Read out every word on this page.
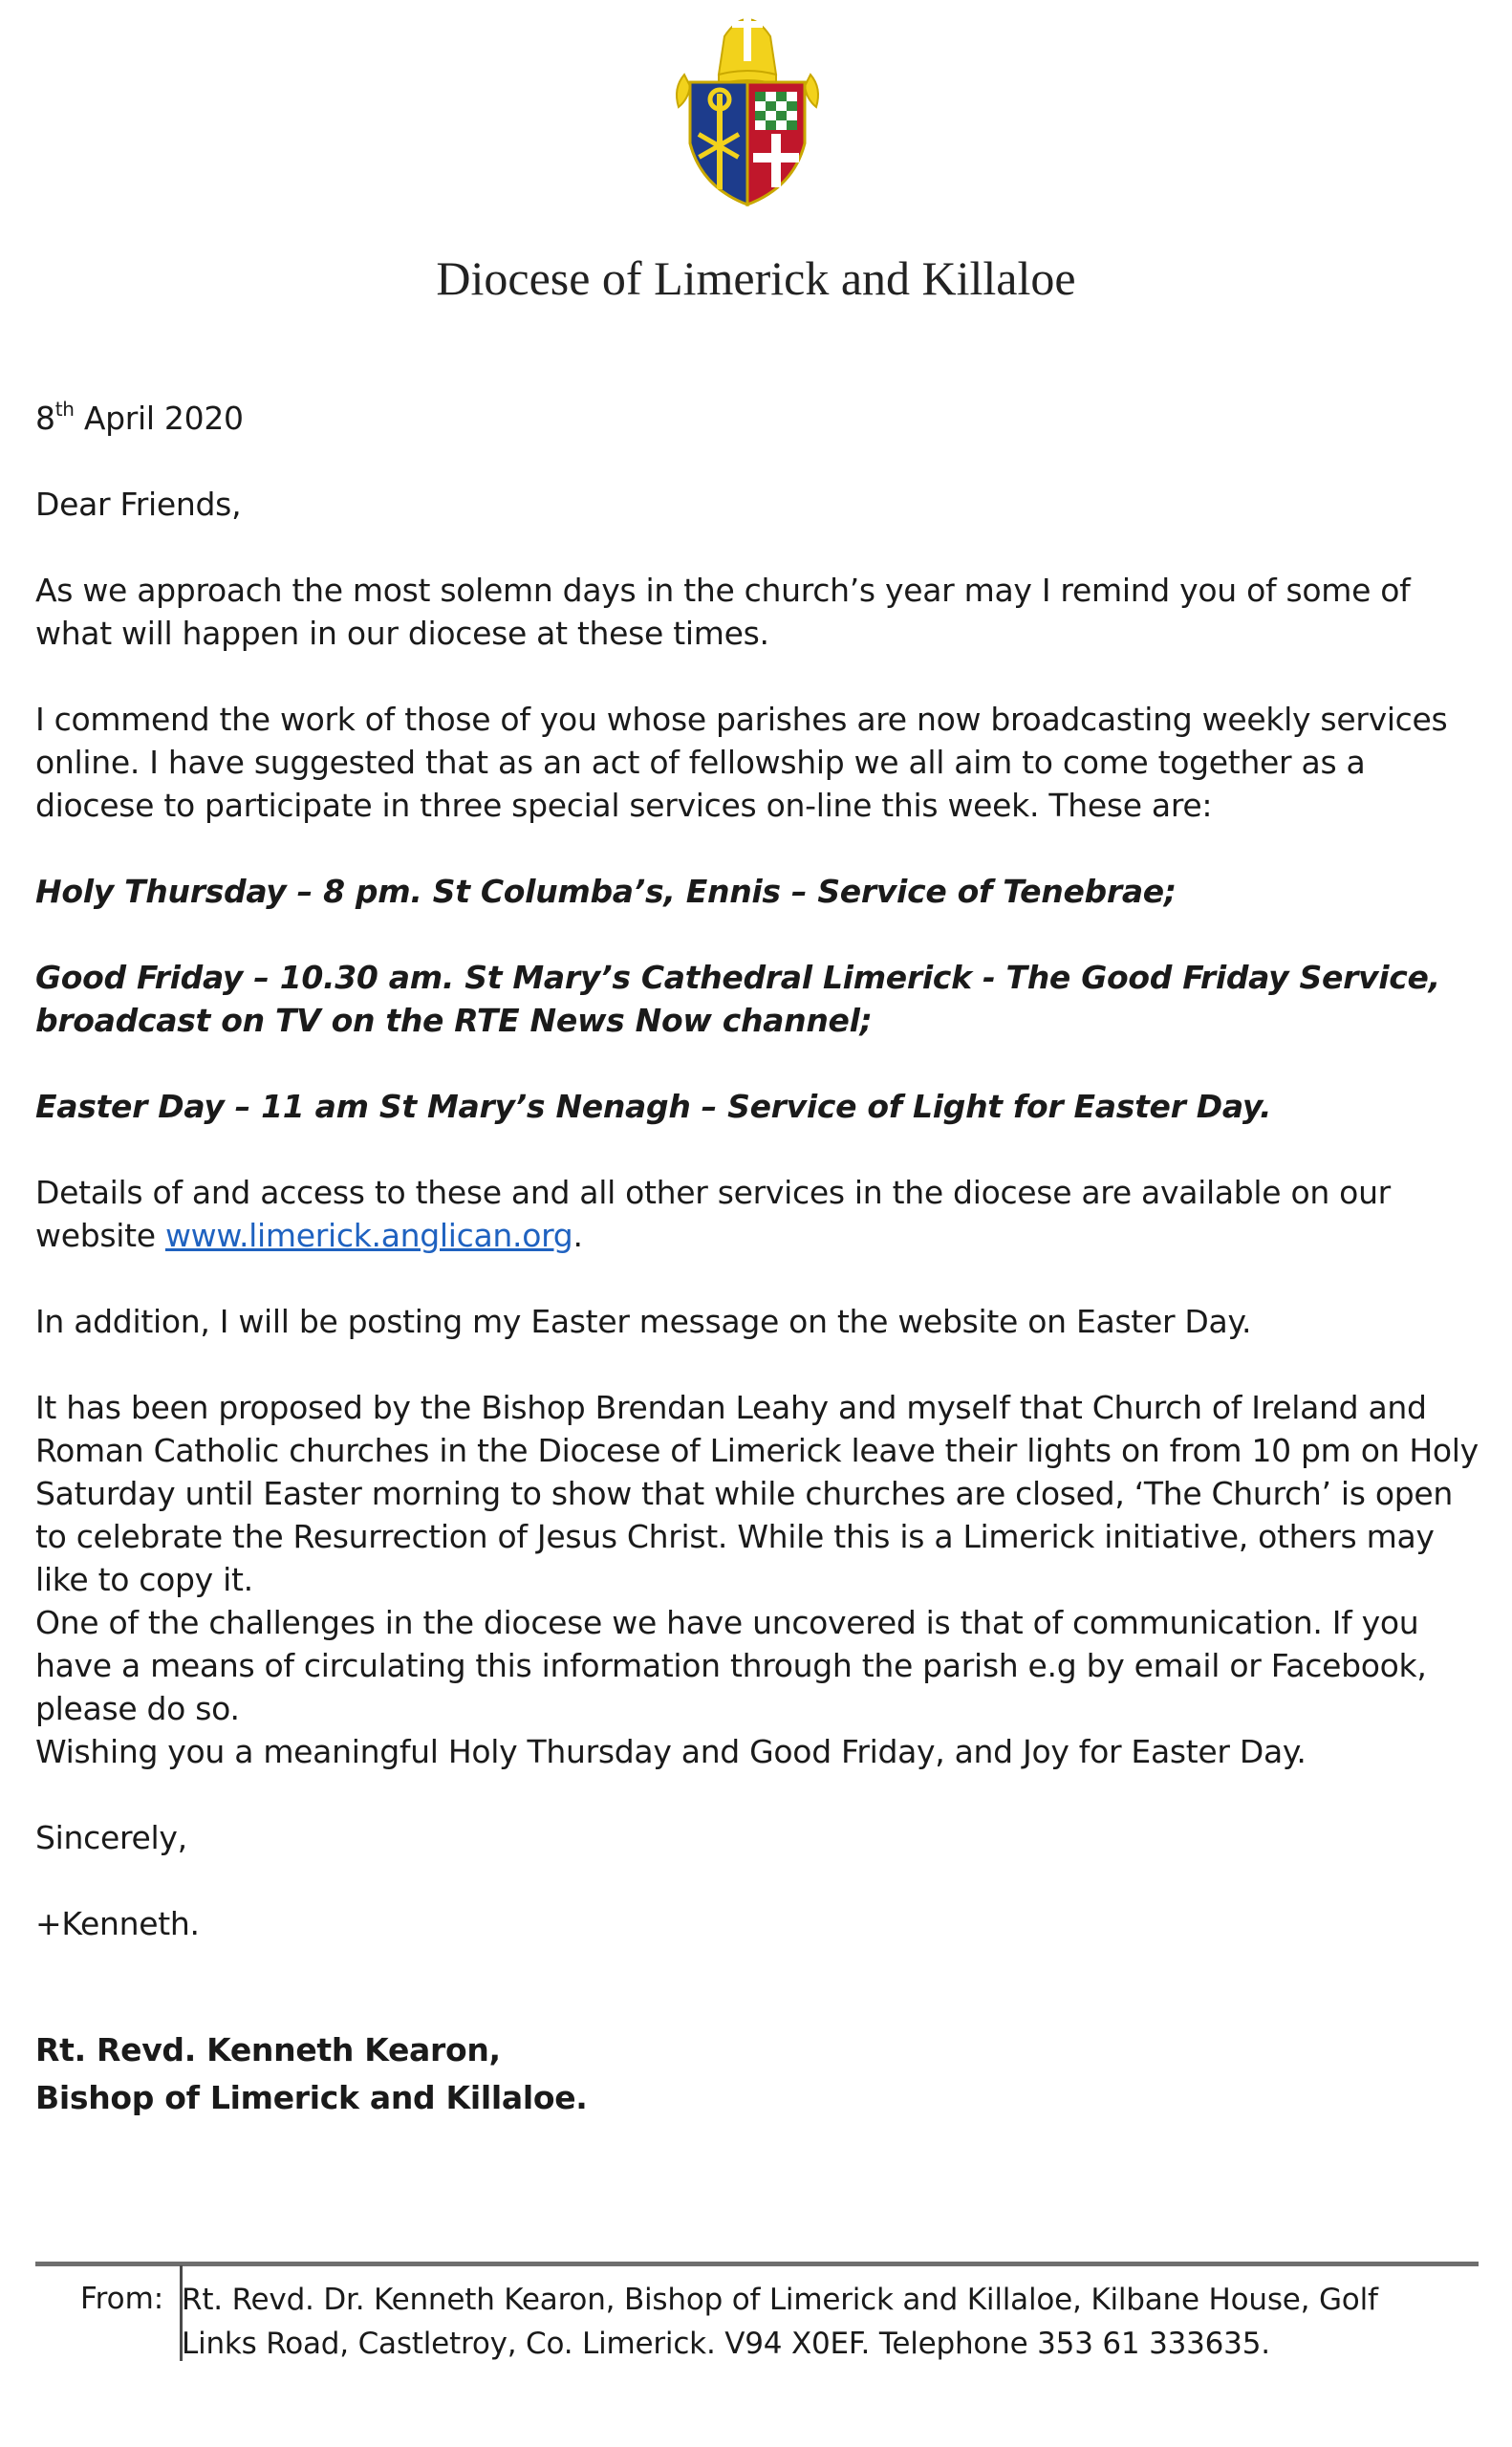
Diocese of Limerick and Killaloe

8th April 2020

Dear Friends,

As we approach the most solemn days in the church’s year may I remind you of some of what will happen in our diocese at these times.

I commend the work of those of you whose parishes are now broadcasting weekly services online. I have suggested that as an act of fellowship we all aim to come together as a diocese to participate in three special services on-line this week. These are:

Holy Thursday – 8 pm. St Columba’s, Ennis – Service of Tenebrae;

Good Friday – 10.30 am. St Mary’s Cathedral Limerick - The Good Friday Service, broadcast on TV on the RTE News Now channel;

Easter Day – 11 am St Mary’s Nenagh – Service of Light for Easter Day.

Details of and access to these and all other services in the diocese are available on our website www.limerick.anglican.org.

In addition, I will be posting my Easter message on the website on Easter Day.

It has been proposed by the Bishop Brendan Leahy and myself that Church of Ireland and Roman Catholic churches in the Diocese of Limerick leave their lights on from 10 pm on Holy Saturday until Easter morning to show that while churches are closed, ‘The Church’ is open to celebrate the Resurrection of Jesus Christ. While this is a Limerick initiative, others may like to copy it.

One of the challenges in the diocese we have uncovered is that of communication. If you have a means of circulating this information through the parish e.g by email or Facebook, please do so.

Wishing you a meaningful Holy Thursday and Good Friday, and Joy for Easter Day.

Sincerely,

+Kenneth.

Rt. Revd. Kenneth Kearon,

Bishop of Limerick and Killaloe.

From: Rt. Revd. Dr. Kenneth Kearon, Bishop of Limerick and Killaloe, Kilbane House, Golf Links Road, Castletroy, Co. Limerick. V94 X0EF. Telephone 353 61 333635.
